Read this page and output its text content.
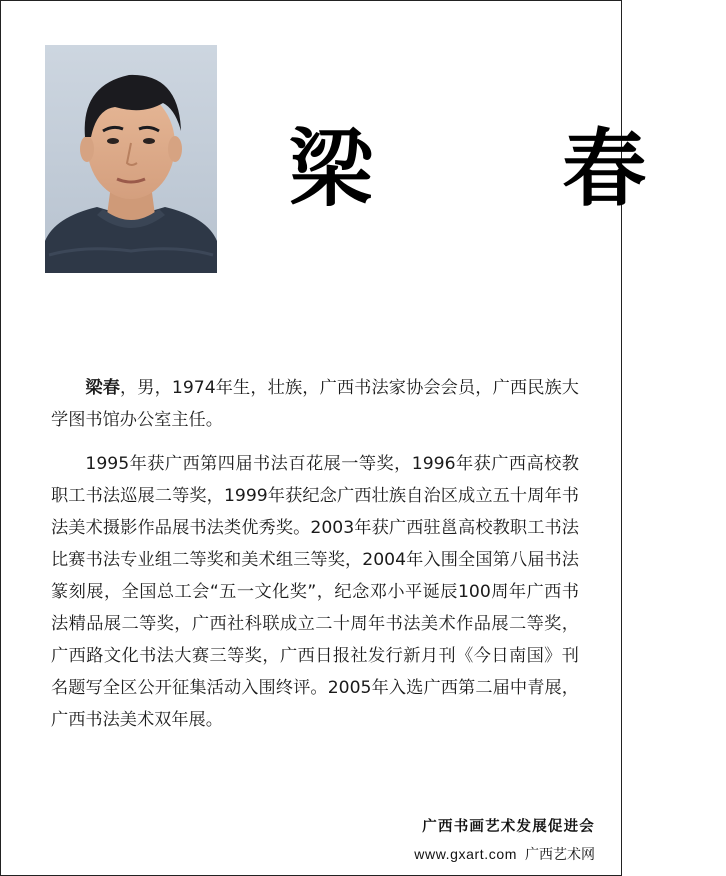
梁 春

梁春，男，1974年生，壮族，广西书法家协会会员，广西民族大学图书馆办公室主任。

1995年获广西第四届书法百花展一等奖，1996年获广西高校教职工书法巡展二等奖，1999年获纪念广西壮族自治区成立五十周年书法美术摄影作品展书法类优秀奖。2003年获广西驻邕高校教职工书法比赛书法专业组二等奖和美术组三等奖，2004年入围全国第八届书法篆刻展，全国总工会“五一文化奖”，纪念邓小平诞辰100周年广西书法精品展二等奖，广西社科联成立二十周年书法美术作品展二等奖，广西路文化书法大赛三等奖，广西日报社发行新月刊《今日南国》刊名题写全区公开征集活动入围终评。2005年入选广西第二届中青展，广西书法美术双年展。

广西书画艺术发展促进会
www.gxart.com 广西艺术网
